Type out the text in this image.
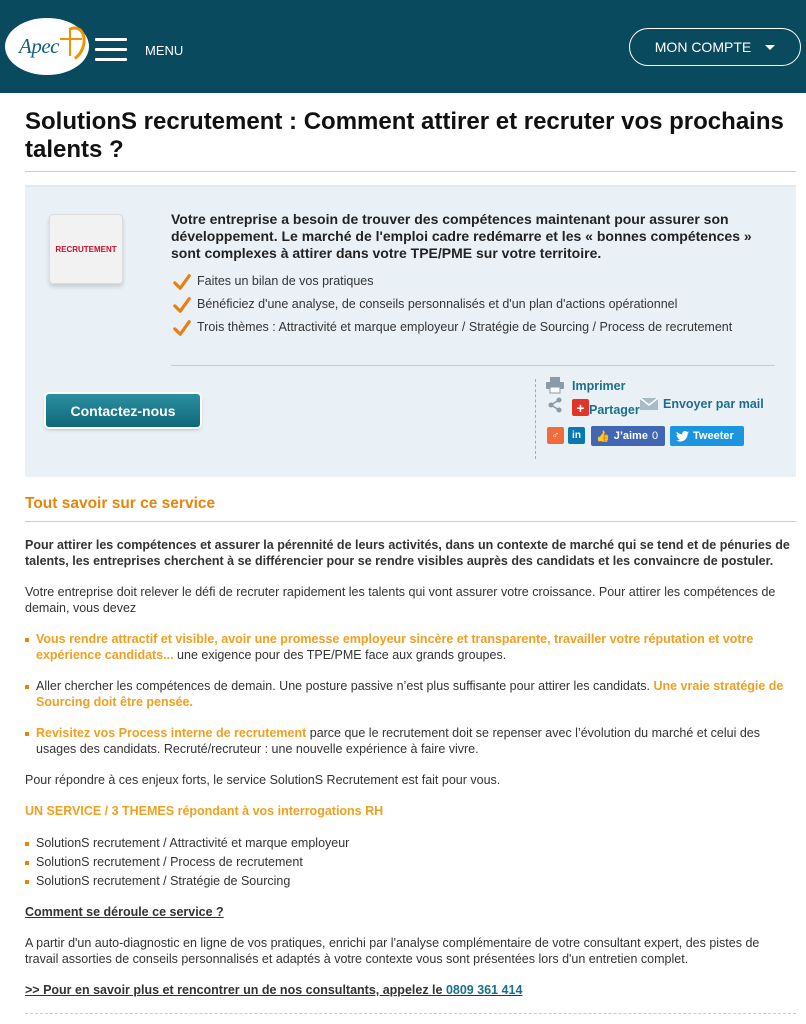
Apec	MENU	MON COMPTE
SolutionS recrutement : Comment attirer et recruter vos prochains talents ?
RECRUTEMENT
Votre entreprise a besoin de trouver des compétences maintenant pour assurer son développement. Le marché de l'emploi cadre redémarre et les « bonnes compétences » sont complexes à attirer dans votre TPE/PME sur votre territoire.
Faites un bilan de vos pratiques
Bénéficiez d'une analyse, de conseils personnalisés et d'un plan d'actions opérationnel
Trois thèmes : Attractivité et marque employeur / Stratégie de Sourcing / Process de recrutement
Contactez-nous
Imprimer
+ Partager Envoyer par mail
♂	in	👍 J’aime 0	Tweeter
Tout savoir sur ce service

Pour attirer les compétences et assurer la pérennité de leurs activités, dans un contexte de marché qui se tend et de pénuries de talents, les entreprises cherchent à se différencier pour se rendre visibles auprès des candidats et les convaincre de postuler.

Votre entreprise doit relever le défi de recruter rapidement les talents qui vont assurer votre croissance. Pour attirer les compétences de demain, vous devez

Vous rendre attractif et visible, avoir une promesse employeur sincère et transparente, travailler votre réputation et votre expérience candidats... une exigence pour des TPE/PME face aux grands groupes.
Aller chercher les compétences de demain. Une posture passive n’est plus suffisante pour attirer les candidats. Une vraie stratégie de Sourcing doit être pensée.
Revisitez vos Process interne de recrutement parce que le recrutement doit se repenser avec l’évolution du marché et celui des usages des candidats. Recruté/recruteur : une nouvelle expérience à faire vivre.

Pour répondre à ces enjeux forts, le service SolutionS Recrutement est fait pour vous.

UN SERVICE / 3 THEMES répondant à vos interrogations RH

SolutionS recrutement / Attractivité et marque employeur
SolutionS recrutement / Process de recrutement
SolutionS recrutement / Stratégie de Sourcing

Comment se déroule ce service ?

A partir d'un auto-diagnostic en ligne de vos pratiques, enrichi par l'analyse complémentaire de votre consultant expert, des pistes de travail assorties de conseils personnalisés et adaptés à votre contexte vous sont présentées lors d'un entretien complet.

>> Pour en savoir plus et rencontrer un de nos consultants, appelez le 0809 361 414
